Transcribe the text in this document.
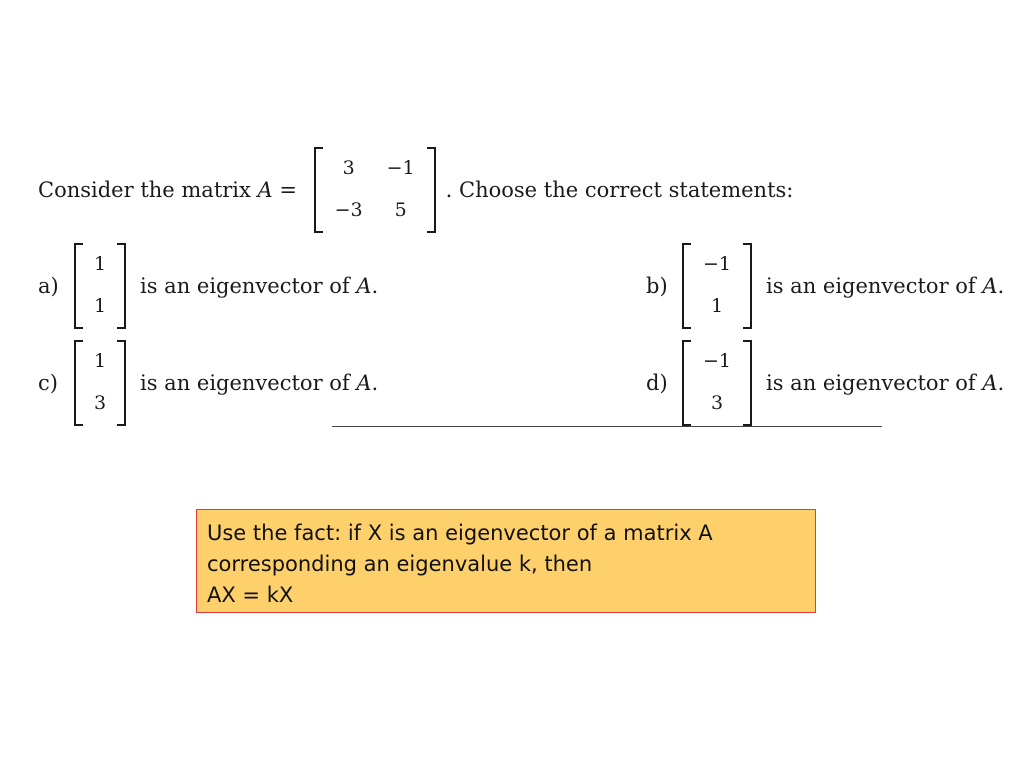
Consider the matrix A =
3 −1
−3 5
. Choose the correct statements:
a)
1
1
is an eigenvector of A .	b)
−1
1
is an eigenvector of A .
c)
1
3
is an eigenvector of A .	d)
−1
3
is an eigenvector of A .
Use the fact: if X is an eigenvector of a matrix A
corresponding an eigenvalue k, then
AX = kX
